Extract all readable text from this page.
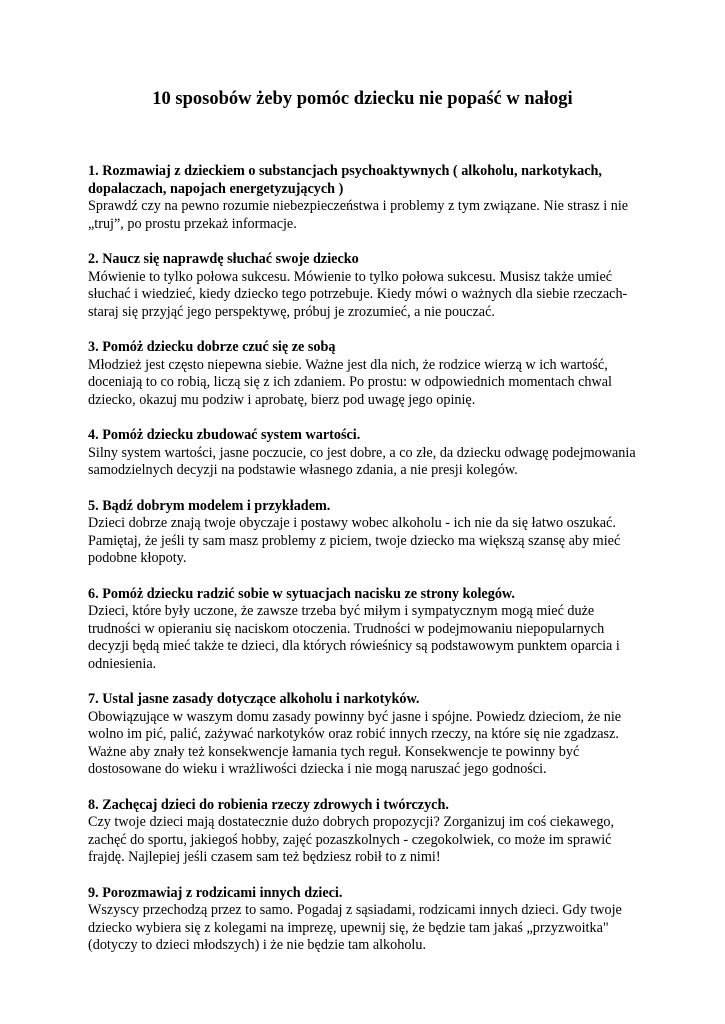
10 sposobów żeby pomóc dziecku nie popaść w nałogi

1. Rozmawiaj z dzieckiem o substancjach psychoaktywnych ( alkoholu, narkotykach, dopalaczach, napojach energetyzujących )

Sprawdź czy na pewno rozumie niebezpieczeństwa i problemy z tym związane. Nie strasz i nie „truj”, po prostu przekaż informacje.

2. Naucz się naprawdę słuchać swoje dziecko

Mówienie to tylko połowa sukcesu. Mówienie to tylko połowa sukcesu. Musisz także umieć słuchać i wiedzieć, kiedy dziecko tego potrzebuje. Kiedy mówi o ważnych dla siebie rzeczach- staraj się przyjąć jego perspektywę, próbuj je zrozumieć, a nie pouczać.

3. Pomóż dziecku dobrze czuć się ze sobą

Młodzież jest często niepewna siebie. Ważne jest dla nich, że rodzice wierzą w ich wartość, doceniają to co robią, liczą się z ich zdaniem. Po prostu: w odpowiednich momentach chwal dziecko, okazuj mu podziw i aprobatę, bierz pod uwagę jego opinię.

4. Pomóż dziecku zbudować system wartości.

Silny system wartości, jasne poczucie, co jest dobre, a co złe, da dziecku odwagę podejmowania samodzielnych decyzji na podstawie własnego zdania, a nie presji kolegów.

5. Bądź dobrym modelem i przykładem.

Dzieci dobrze znają twoje obyczaje i postawy wobec alkoholu - ich nie da się łatwo oszukać. Pamiętaj, że jeśli ty sam masz problemy z piciem, twoje dziecko ma większą szansę aby mieć podobne kłopoty.

6. Pomóż dziecku radzić sobie w sytuacjach nacisku ze strony kolegów.

Dzieci, które były uczone, że zawsze trzeba być miłym i sympatycznym mogą mieć duże trudności w opieraniu się naciskom otoczenia. Trudności w podejmowaniu niepopularnych decyzji będą mieć także te dzieci, dla których rówieśnicy są podstawowym punktem oparcia i odniesienia.

7. Ustal jasne zasady dotyczące alkoholu i narkotyków.

Obowiązujące w waszym domu zasady powinny być jasne i spójne. Powiedz dzieciom, że nie wolno im pić, palić, zażywać narkotyków oraz robić innych rzeczy, na które się nie zgadzasz. Ważne aby znały też konsekwencje łamania tych reguł. Konsekwencje te powinny być dostosowane do wieku i wrażliwości dziecka i nie mogą naruszać jego godności.

8. Zachęcaj dzieci do robienia rzeczy zdrowych i twórczych.

Czy twoje dzieci mają dostatecznie dużo dobrych propozycji? Zorganizuj im coś ciekawego, zachęć do sportu, jakiegoś hobby, zajęć pozaszkolnych - czegokolwiek, co może im sprawić frajdę. Najlepiej jeśli czasem sam też będziesz robił to z nimi!

9. Porozmawiaj z rodzicami innych dzieci.

Wszyscy przechodzą przez to samo. Pogadaj z sąsiadami, rodzicami innych dzieci. Gdy twoje dziecko wybiera się z kolegami na imprezę, upewnij się, że będzie tam jakaś „przyzwoitka" (dotyczy to dzieci młodszych) i że nie będzie tam alkoholu.
